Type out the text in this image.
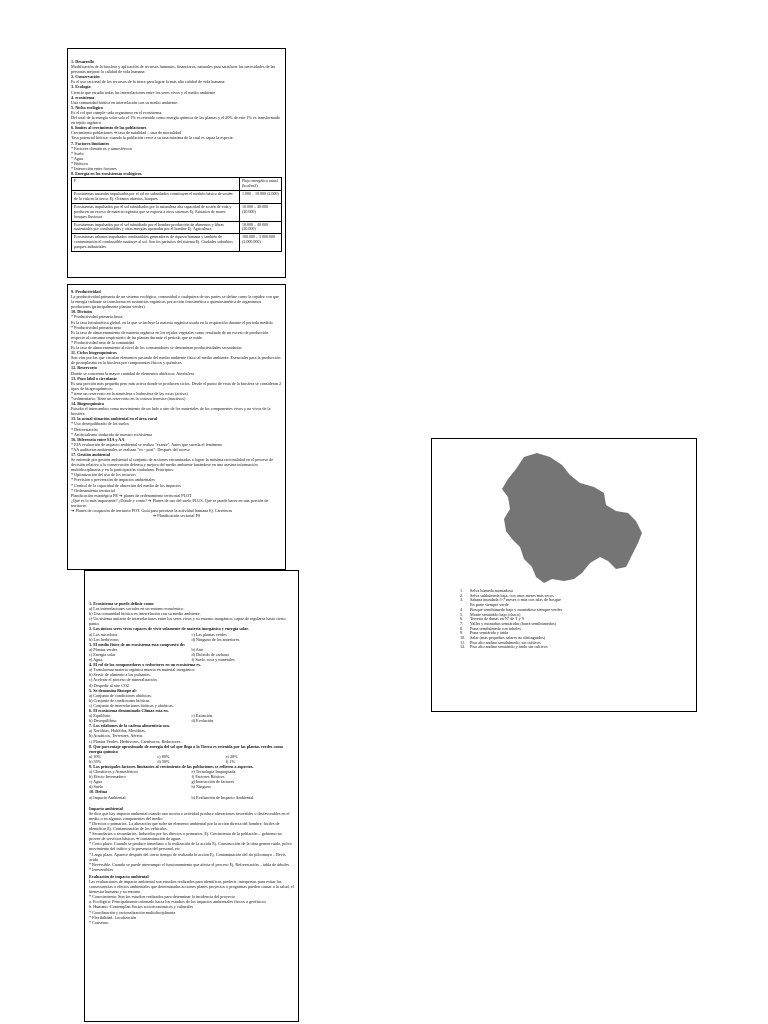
1. Desarrollo

Modificación de la biosfera y aplicación de recursos humanos, financieros, naturales para satisfacer las necesidades de las personas mejorar la calidad de vida humana

2. Conservación

Es el uso racional de los recursos de la tierra para lograr la más alta calidad de vida humana

3. Ecología

Ciencia que estudia todas las interrelaciones entre los seres vivos y el medio ambiente

4. ecosistema

Una comunidad biótica en interrelación con su medio ambiente.

5. Nicho ecológico

Es el rol que cumple cada organismo en el ecosistema.

Del total de la energía solar solo el 1% es retenido como energía química de las plantas y el 20% de este 1% es transformado en tejido orgánico

6. límites al crecimiento de las poblaciones

Crecimiento poblaciones ➔ tasa de natalidad – tasa de mortalidad

Tasa potencial biótica: cuando la población crece a su tasa máxima de la cual es capaz la especie.

7. Factores limitantes

* Factores climáticos y atmosféricos

* Suelo

* Agua

* Bióticos

* Interacción entre factores

8. Energía en los ecosistemas ecológicos.

F	Flujo energético anual (kcal/m2)
Ecosistemas naturales impulsados por el sol no subsidiados constituyen el modulo básico de sostén de la vida en la tierra. Ej. Océanos abiertos, bosques.	1.000 – 10.000 (2.000)
Ecosistemas impulsados por el sol subsidiados por la naturaleza alta capacidad de sostén de vida y producen un exceso de materia orgánica que se exporta a otros sistemas Ej. Estuarios de mares bosques lluviosos	10.000 – 40.000 (20.000)
Ecosistemas impulsados por el sol subsidiado por el hombre producción de alimentos y fibras sustentados por combustibles y otras energías aportadas por el hombre Ej. Agricultura	10.000 – 40.000 (20.000)
Ecosistemas urbanos impulsados combustibles generadores de riqueza humana y también de contaminación el combustible sustituye al sol. Son los parásitos del sistema Ej. Ciudades suburbios parques industriales.	100.000 – 3.000.000 (2.000.000)

9. Productividad

La productividad primaria de un sistema ecológico, comunidad o cualquiera de sus partes se define como la rapidez con que la energía radiante se transforma en sustancias orgánicas por acción fotosintética o quimiosintética de organismos productores (principalmente plantas verdes)

10. División

* Productividad primaria bruta

Es la tasa fotosintética global, en la que se incluye la materia orgánica usada en la respiración durante el periodo medido

* Productividad primaria neta

Es la tasa de almacenamiento de materia orgánica en los tejidos vegetales como resultado de un exceso de producción respecto al consumo respiratorio de las plantas durante el periodo que se mide.

* Productividad neta de la comunidad

Es la tasa de almacenamiento al nivel de los consumidores se denominan productividades secundarias

11. Ciclos biogeoquímicos

Son vías por las que circulan elementos pasando del medio ambiente físico al medio ambiente. Esenciales para la producción de protoplasma en la biosfera por componentes físicos y químicos

12. Reservorio

Donde se concentra la mayor cantidad de elementos abióticos: Atmósfera

13. Pozo lábil o circulante

Es una porción más pequeña pero más activa donde se producen ciclos. Desde el punto de vista de la biosfera se consideran 2 tipos de biogeoquímicos:

* tiene un reservorio en la atmósfera o hidrosfera de las rocas (activa)

*sedimentario: Tiene un reservorio en la corteza terrestre (inactivos)

14. Biogeoquímica

Estudia el intercambio como movimiento de un lado a otro de los materiales de los componentes vivos y no vivos de la biosfera

15. la actual situación ambiental en el área rural

* Uso desequilibrado de los suelos

* Deforestación

* Artificialismo traducido de nuestro ecosistema

16. Diferencia entre EIA y AA

* EIA evaluación de impacto ambiental se realiza "exante". Antes que suceda el fenómeno

*AA auditorias ambientales se realizan "ex - post". Después del suceso

17. Gestión ambiental

Se entiende por gestión ambiental al conjunto de acciones encaminadas a lograr la máxima racionalidad en el proceso de decisión relativo a la conservación defensa y mejora del medio ambiente basándose en una asesina información multidisciplinaria y en la participación ciudadana. Principios:

* Optimización del uso de los recursos

* Previsión y prevención de impactos ambientales

* Control de la capacidad de absorción del medio de los impactos

* Ordenamiento territorial

Planificación estratégica PE ➔ planes de ordenamiento territorial PLOT

¿Qué es lo más importante? ¿Dónde y como? ➔ Planes de uso del suelo PLUS. Que se puede hacer en una porción de territorio

➔ Planes de ocupación de territorio POT. Guía para priorizar la actividad humana Ej. Carreteras

➔ Planificación sectorial PS

1. Ecosistema se puede definir como:

a) Las interrelaciones sociales en un entorno económico.

b) Una comunidad biótica en interrelación con su medio ambiente.

c) Un sistema unitario de interrelaciones entre los seres vivos y su entorno inorgánico, capaz de regularse hasta cierto punto.

2. Los únicos seres vivos capaces de vivir solamente de materia inorgánica y energía solar.

a) Los microbios

b) Los herbívoros

c) Las plantas verdes

d) Ninguno de los anteriores.

3. El medio físico de un ecosistema esta compuesto de:

a) Plantas verdes

c) Energía solar

e) Agua.

b) Aire

d) Dióxido de carbono

f) Suelo, roca y minerales

4. El rol de los componedores o reductores en un ecosistema es.

a) Transformar materia orgánica muerta en material inorgánico.

b) Servir de alimento a los pulsantes.

c) Acelerar el proceso de mineralización.

d) Despedir al aire CO2

5. Se denomina Biotopo al:

a) Conjunto de condiciones abióticas.

b) Conjunto de condiciones bióticas.

c) Conjunto de interrelaciones bióticas y abióticas.

6. El ecosistema denominado Climax esta en.

a) Equilibrio.

b) Desequilibrio.

c) Extinción.

d) Evolución.

7. Los eslabones de la cadena alimenticia son.

a) Xerófitas, Halófilas, Mesófitas.

b) Acuáticos, Terrestres, Aéreos.

c) Plantas Verdes, Herbívoros, Carnívoros, Reductores.

8. Que porcentaje aproximado de energía del sol que llega a la Tierra es retenida por las plantas verdes como energía química

a) 10%

b) 35%

c) 80%

d) 50%

e) 20%

f) 1%

9. Los principales factores limitantes al crecimiento de las poblaciones se refieren a aspectos.

a) Climáticos y Atmosféricos

b) Efecto Invernadero

c) Agua

d) Suelo

e) Tecnología Inapropiada

f) Factores Bióticos

g) Interacción de factores

h) Ninguno

10. Defina

a) Impacto Ambiental.	b) Evaluación de Impacto Ambiental.

Impacto ambiental

Se dice que hay impacto ambiental cuando una acción o actividad produce alteraciones favorables o desfavorables en el medio o en algunos componentes del medio

* Directos o primarios. La alteración que sufre un elemento ambiental por la acción directa del hombre, fáciles de identificar Ej. Contaminación de los vehículos.

* Secundarios o secundarios. Inducidos por los directos o primarios. Ej. Crecimiento de la población – gobierno no provee de servicios básicos ➔ contaminación de aguas

* Corto plazo. Cuando se produce inmediato a la realización de la acción Ej. Construcción de la obra genera ruido, polvo movimiento del tráfico y la presencia del personal, etc.

* Largo plazo. Aparece después del cierto tiempo de realizada la acción Ej. Contaminación del río pilcomayo – Revis acida

* Reversible. Cuando se puede interrumpir el funcionamiento que afecta el proceso Ej. Reforestación – tabla de árboles

* Irreversibles

Evaluación de impacto ambiental

Las evaluaciones de impacto ambiental son estudios realizados para identificar, predecir, interpretar, para evitar las consecuencias o efectos ambientales que determinadas acciones planes proyectos o programas pueden causar a la salud, el bienestar humano y su entorno

* Conocimiento: Son los estudios realizados para determinar la incidencia del proyecto

a. Ecológico: Principalmente orientado hacia los estudios de los impactos ambientales físicos a geofísicos

b. Humano -Contemplan Socios socioeconómicos y culturales

* Coordinación y racionalización multidisciplinaria

* Flexibilidad. Localización

* Consenso

1.	Selva húmeda montañosa
2.	Selva subhúmeda baja, con unos meses más secos
3.	Sabana inundada 5-7 meses o más con islas de bosque
En parte siempre verde
4.	Bosque semihúmedo bajo y montañoso siempre verdes
5.	Monte semiárido bajo (chaco)
6.	Terreno de dunas en Nº de T y 9
7.	Valles y montañas semiáridas (barra semihúmedos)
8.	Puna semihúmeda con árboles
9.	Puna semiárida y árida
10.	Salar (más pequeños salares no distinguidos)
11.	Piso alto andino semihúmedo, sin cultivos
12.	Piso alto andino semiárido y árido sin cultivos
